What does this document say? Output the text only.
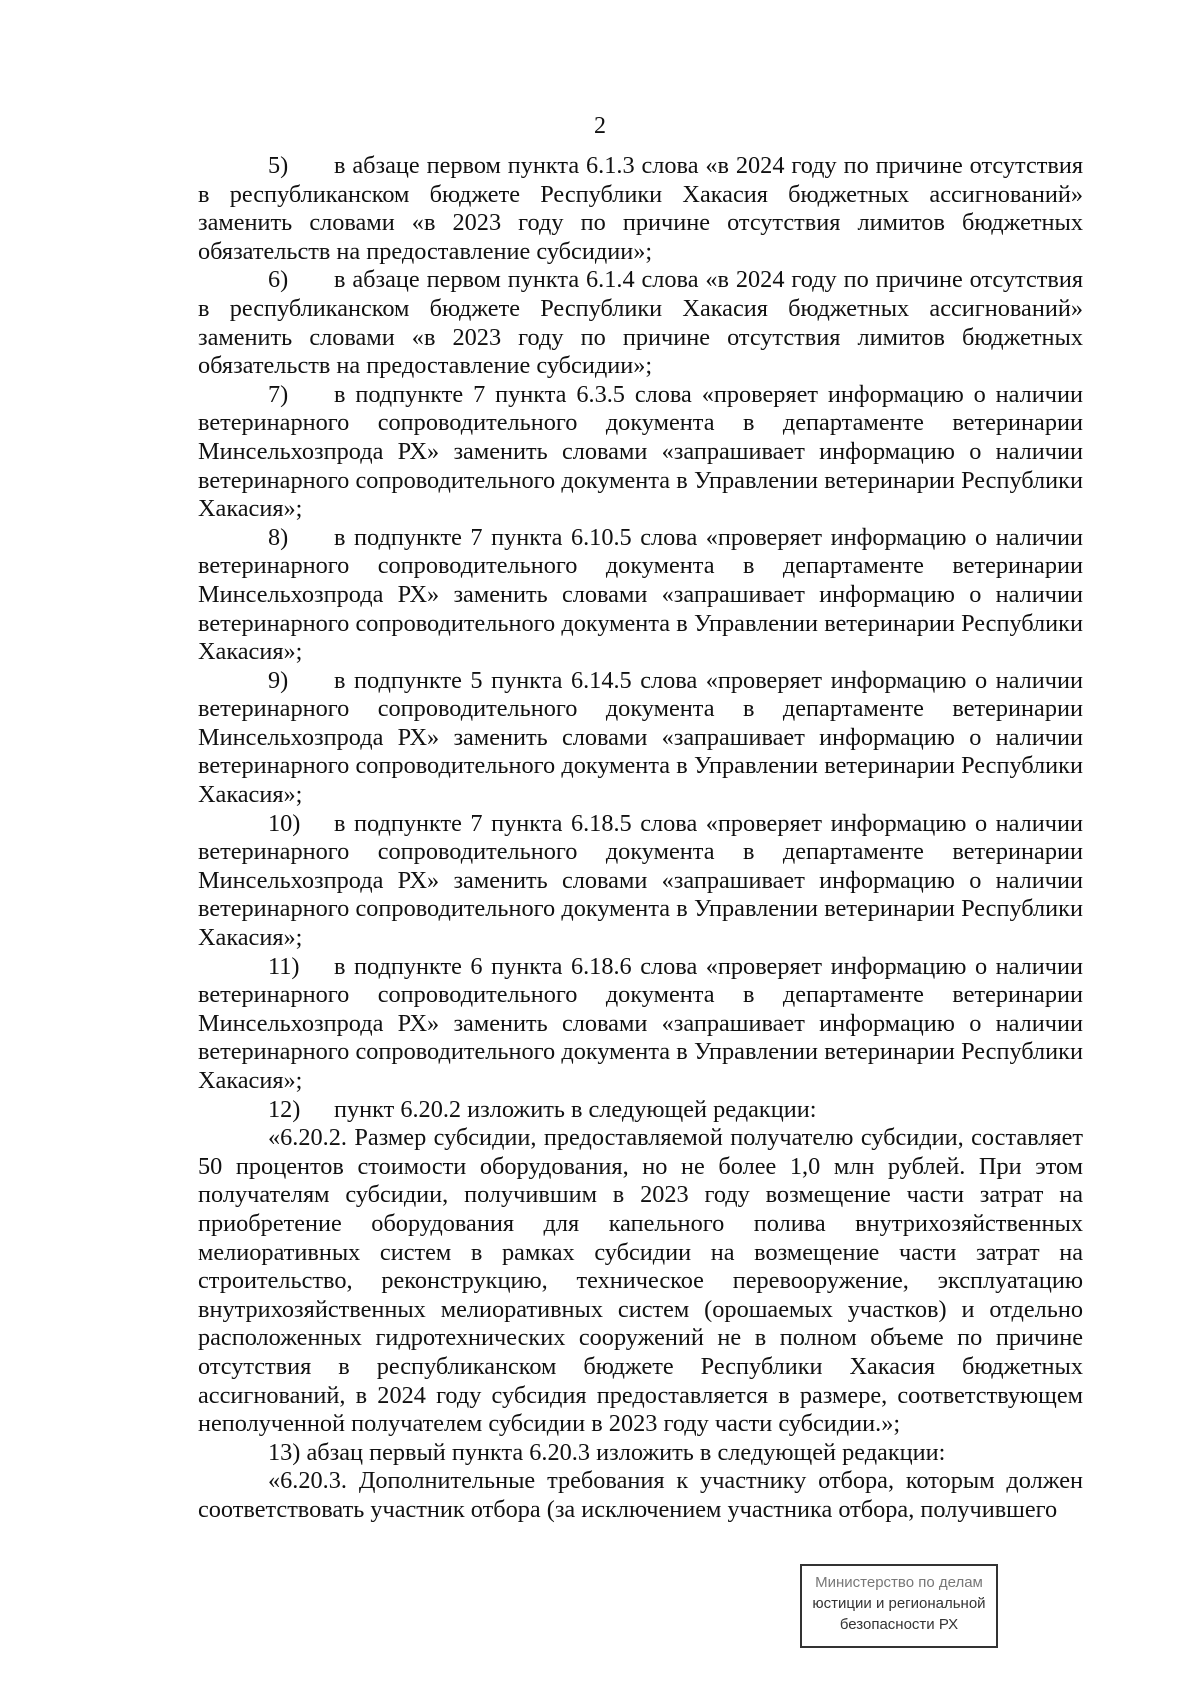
2

5) в абзаце первом пункта 6.1.3 слова «в 2024 году по причине отсутствия в республиканском бюджете Республики Хакасия бюджетных ассигнований» заменить словами «в 2023 году по причине отсутствия лимитов бюджетных обязательств на предоставление субсидии»;

6) в абзаце первом пункта 6.1.4 слова «в 2024 году по причине отсутствия в республиканском бюджете Республики Хакасия бюджетных ассигнований» заменить словами «в 2023 году по причине отсутствия лимитов бюджетных обязательств на предоставление субсидии»;

7) в подпункте 7 пункта 6.3.5 слова «проверяет информацию о наличии ветеринарного сопроводительного документа в департаменте ветеринарии Минсельхозпрода РХ» заменить словами «запрашивает информацию о наличии ветеринарного сопроводительного документа в Управлении ветеринарии Республики Хакасия»;

8) в подпункте 7 пункта 6.10.5 слова «проверяет информацию о наличии ветеринарного сопроводительного документа в департаменте ветеринарии Минсельхозпрода РХ» заменить словами «запрашивает информацию о наличии ветеринарного сопроводительного документа в Управлении ветеринарии Республики Хакасия»;

9) в подпункте 5 пункта 6.14.5 слова «проверяет информацию о наличии ветеринарного сопроводительного документа в департаменте ветеринарии Минсельхозпрода РХ» заменить словами «запрашивает информацию о наличии ветеринарного сопроводительного документа в Управлении ветеринарии Республики Хакасия»;

10) в подпункте 7 пункта 6.18.5 слова «проверяет информацию о наличии ветеринарного сопроводительного документа в департаменте ветеринарии Минсельхозпрода РХ» заменить словами «запрашивает информацию о наличии ветеринарного сопроводительного документа в Управлении ветеринарии Республики Хакасия»;

11) в подпункте 6 пункта 6.18.6 слова «проверяет информацию о наличии ветеринарного сопроводительного документа в департаменте ветеринарии Минсельхозпрода РХ» заменить словами «запрашивает информацию о наличии ветеринарного сопроводительного документа в Управлении ветеринарии Республики Хакасия»;

12) пункт 6.20.2 изложить в следующей редакции:

«6.20.2. Размер субсидии, предоставляемой получателю субсидии, составляет 50 процентов стоимости оборудования, но не более 1,0 млн рублей. При этом получателям субсидии, получившим в 2023 году возмещение части затрат на приобретение оборудования для капельного полива внутрихозяйственных мелиоративных систем в рамках субсидии на возмещение части затрат на строительство, реконструкцию, техническое перевооружение, эксплуатацию внутрихозяйственных мелиоративных систем (орошаемых участков) и отдельно расположенных гидротехнических сооружений не в полном объеме по причине отсутствия в республиканском бюджете Республики Хакасия бюджетных ассигнований, в 2024 году субсидия предоставляется в размере, соответствующем неполученной получателем субсидии в 2023 году части субсидии.»;

13) абзац первый пункта 6.20.3 изложить в следующей редакции:

«6.20.3. Дополнительные требования к участнику отбора, которым должен соответствовать участник отбора (за исключением участника отбора, получившего

Министерство по делам
юстиции и региональной
безопасности РХ
